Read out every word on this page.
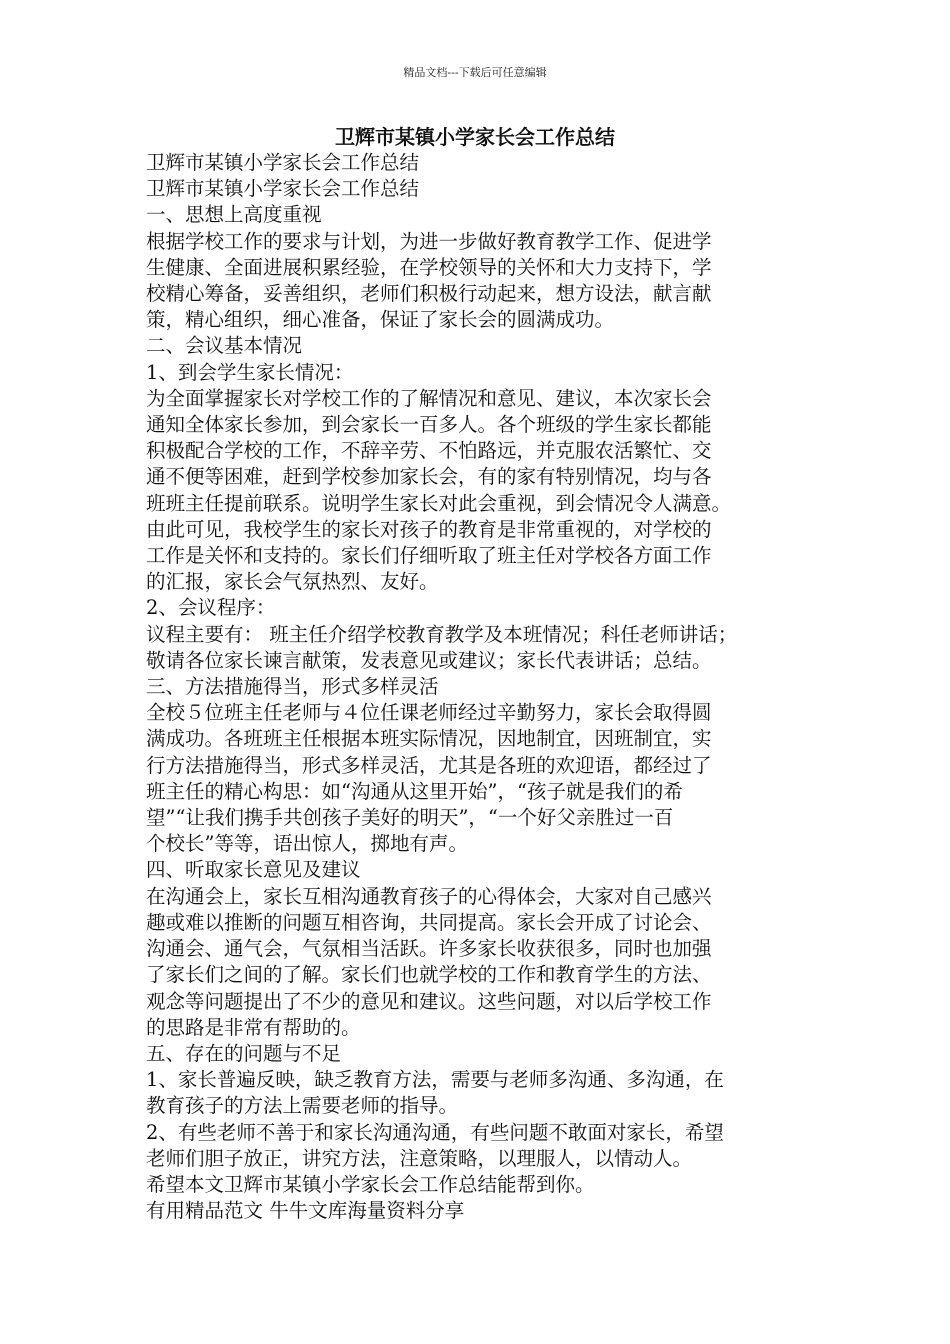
精品文档---下载后可任意编辑
卫辉市某镇小学家长会工作总结

卫辉市某镇小学家长会工作总结

卫辉市某镇小学家长会工作总结

一、思想上高度重视

根据学校工作的要求与计划，为进一步做好教育教学工作、促进学

生健康、全面进展积累经验，在学校领导的关怀和大力支持下，学

校精心筹备，妥善组织，老师们积极行动起来，想方设法，献言献

策，精心组织，细心准备，保证了家长会的圆满成功。

二、会议基本情况

1、到会学生家长情况：

为全面掌握家长对学校工作的了解情况和意见、建议，本次家长会

通知全体家长参加，到会家长一百多人。各个班级的学生家长都能

积极配合学校的工作，不辞辛劳、不怕路远，并克服农活繁忙、交

通不便等困难，赶到学校参加家长会，有的家有特别情况，均与各

班班主任提前联系。说明学生家长对此会重视，到会情况令人满意。

由此可见，我校学生的家长对孩子的教育是非常重视的，对学校的

工作是关怀和支持的。家长们仔细听取了班主任对学校各方面工作

的汇报，家长会气氛热烈、友好。

2、会议程序：

议程主要有： 班主任介绍学校教育教学及本班情况；科任老师讲话；

敬请各位家长谏言献策，发表意见或建议；家长代表讲话；总结。

三、方法措施得当，形式多样灵活

全校５位班主任老师与４位任课老师经过辛勤努力，家长会取得圆

满成功。各班班主任根据本班实际情况，因地制宜，因班制宜，实

行方法措施得当，形式多样灵活，尤其是各班的欢迎语，都经过了

班主任的精心构思：如“沟通从这里开始”，“孩子就是我们的希

望”“让我们携手共创孩子美好的明天”，“一个好父亲胜过一百

个校长”等等，语出惊人，掷地有声。

四、听取家长意见及建议

在沟通会上，家长互相沟通教育孩子的心得体会，大家对自己感兴

趣或难以推断的问题互相咨询，共同提高。家长会开成了讨论会、

沟通会、通气会，气氛相当活跃。许多家长收获很多，同时也加强

了家长们之间的了解。家长们也就学校的工作和教育学生的方法、

观念等问题提出了不少的意见和建议。这些问题，对以后学校工作

的思路是非常有帮助的。

五、存在的问题与不足

1、家长普遍反映，缺乏教育方法，需要与老师多沟通、多沟通，在

教育孩子的方法上需要老师的指导。

2、有些老师不善于和家长沟通沟通，有些问题不敢面对家长，希望

老师们胆子放正，讲究方法，注意策略，以理服人，以情动人。

希望本文卫辉市某镇小学家长会工作总结能帮到你。

有用精品范文 牛牛文库海量资料分享
